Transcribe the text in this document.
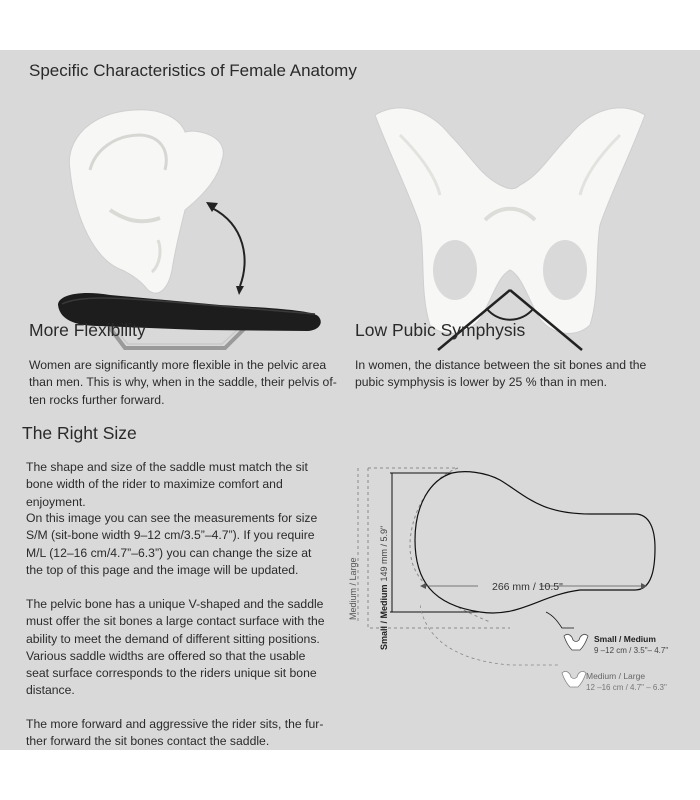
Specific Characteristics of Female Anatomy
More Flexibility

Women are significantly more flexible in the pelvic area than men. This is why, when in the saddle, their pelvis often rocks further forward.

Low Pubic Symphysis

In women, the distance between the sit bones and the pubic symphysis is lower by 25 % than in men.

The Right Size

The shape and size of the saddle must match the sit bone width of the rider to maximize comfort and enjoyment.

On this image you can see the measurements for size S/M (sit-bone width 9–12 cm/3.5”–4.7”). If you require M/L (12–16 cm/4.7”–6.3”) you can change the size at the top of this page and the image will be updated.

The pelvic bone has a unique V-shaped and the saddle must offer the sit bones a large contact surface with the ability to meet the demand of different sitting positions. Various saddle widths are offered so that the usable seat surface corresponds to the riders unique sit bone distance.

The more forward and aggressive the rider sits, the further forward the sit bones contact the saddle.

266 mm / 10.5"
Small / Medium149 mm / 5.9"
Medium / Large
Small / Medium
9 –12 cm / 3.5"– 4.7"
Medium / Large
12 –16 cm / 4.7" – 6.3"
